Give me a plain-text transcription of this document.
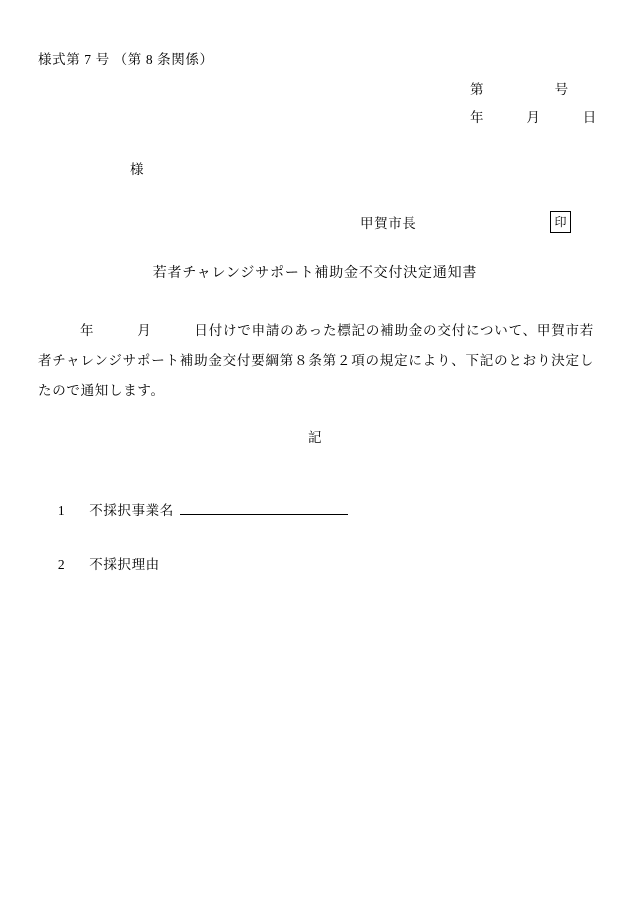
様式第 7 号 （第 8 条関係）
第　　　　　号
年　　　月　　　日
様
甲賀市長	印
若者チャレンジサポート補助金不交付決定通知書
年　　　月　　　日付けで申請のあった標記の補助金の交付について、甲賀市若者チャレンジサポート補助金交付要綱第８条第２項の規定により、下記のとおり決定したので通知します。
記

1 不採択事業名

2 不採択理由
